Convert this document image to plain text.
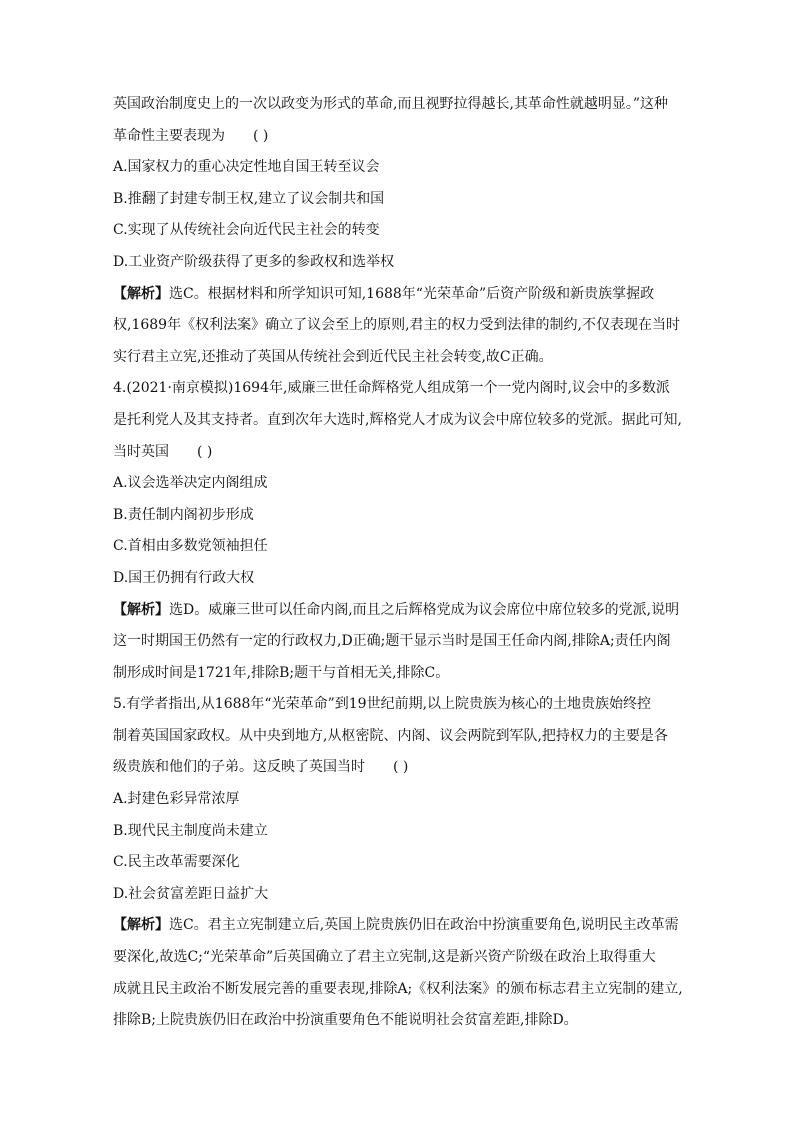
英国政治制度史上的一次以政变为形式的革命,而且视野拉得越长,其革命性就越明显。”这种
革命性主要表现为 ( )
A.国家权力的重心决定性地自国王转至议会
B.推翻了封建专制王权,建立了议会制共和国
C.实现了从传统社会向近代民主社会的转变
D.工业资产阶级获得了更多的参政权和选举权
【解析】选C。根据材料和所学知识可知,1688年“光荣革命”后资产阶级和新贵族掌握政
权,1689年《权利法案》确立了议会至上的原则,君主的权力受到法律的制约,不仅表现在当时
实行君主立宪,还推动了英国从传统社会到近代民主社会转变,故C正确。
4.(2021·南京模拟)1694年,威廉三世任命辉格党人组成第一个一党内阁时,议会中的多数派
是托利党人及其支持者。直到次年大选时,辉格党人才成为议会中席位较多的党派。据此可知,
当时英国 ( )
A.议会选举决定内阁组成
B.责任制内阁初步形成
C.首相由多数党领袖担任
D.国王仍拥有行政大权
【解析】选D。威廉三世可以任命内阁,而且之后辉格党成为议会席位中席位较多的党派,说明
这一时期国王仍然有一定的行政权力,D正确;题干显示当时是国王任命内阁,排除A;责任内阁
制形成时间是1721年,排除B;题干与首相无关,排除C。
5.有学者指出,从1688年“光荣革命”到19世纪前期,以上院贵族为核心的土地贵族始终控
制着英国国家政权。从中央到地方,从枢密院、内阁、议会两院到军队,把持权力的主要是各
级贵族和他们的子弟。这反映了英国当时 ( )
A.封建色彩异常浓厚
B.现代民主制度尚未建立
C.民主改革需要深化
D.社会贫富差距日益扩大
【解析】选C。君主立宪制建立后,英国上院贵族仍旧在政治中扮演重要角色,说明民主改革需
要深化,故选C;“光荣革命”后英国确立了君主立宪制,这是新兴资产阶级在政治上取得重大
成就且民主政治不断发展完善的重要表现,排除A;《权利法案》的颁布标志君主立宪制的建立,
排除B;上院贵族仍旧在政治中扮演重要角色不能说明社会贫富差距,排除D。
